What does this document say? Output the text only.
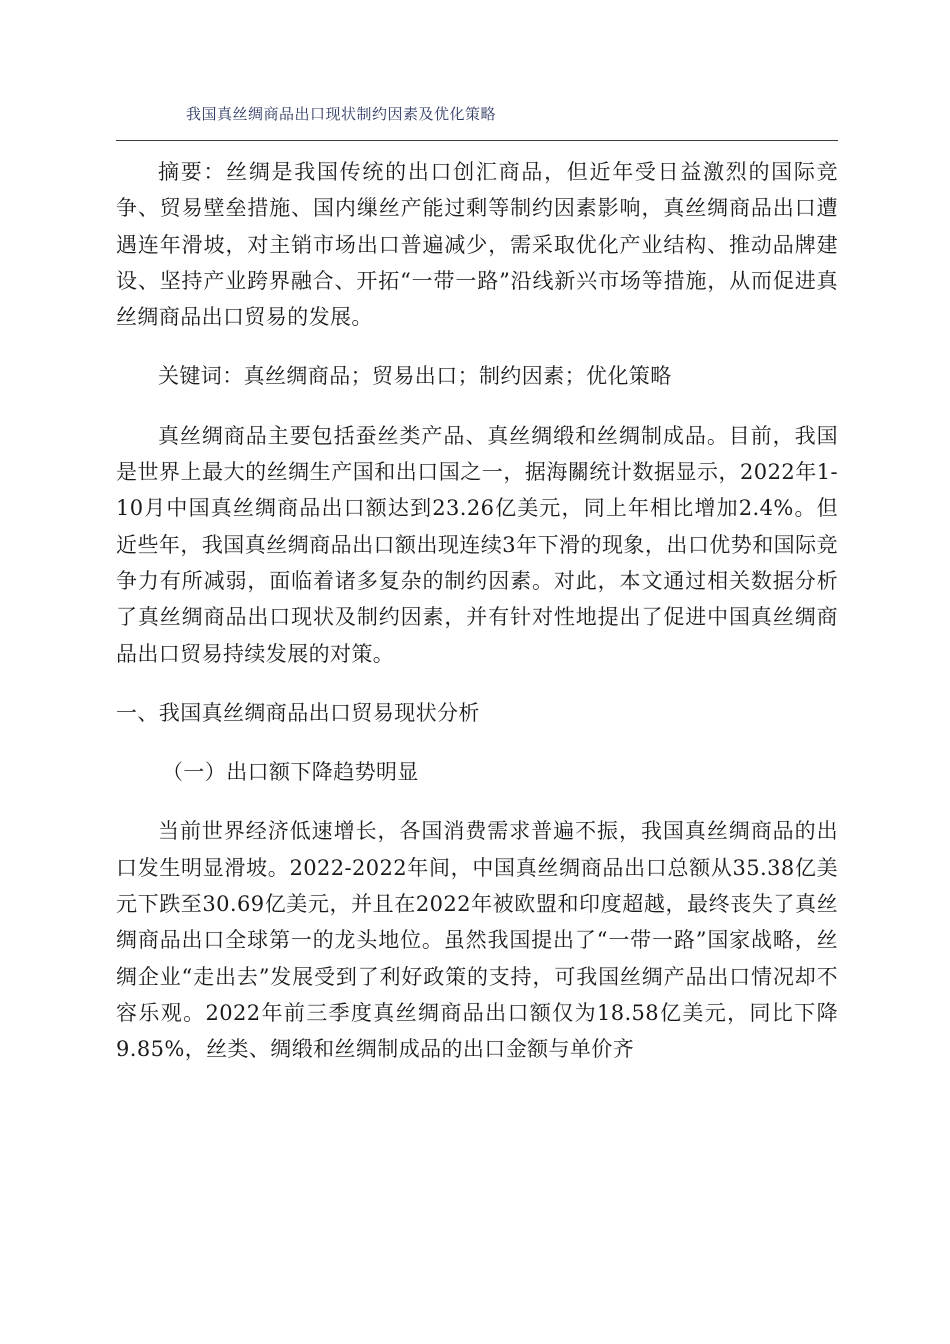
我国真丝绸商品出口现状制约因素及优化策略

摘要：丝绸是我国传统的出口创汇商品，但近年受日益激烈的国际竞争、贸易壁垒措施、国内缫丝产能过剩等制约因素影响，真丝绸商品出口遭遇连年滑坡，对主销市场出口普遍减少，需采取优化产业结构、推动品牌建设、坚持产业跨界融合、开拓“一带一路”沿线新兴市场等措施，从而促进真丝绸商品出口贸易的发展。

关键词：真丝绸商品；贸易出口；制约因素；优化策略

真丝绸商品主要包括蚕丝类产品、真丝绸缎和丝绸制成品。目前，我国是世界上最大的丝绸生产国和出口国之一，据海關统计数据显示，2022年1-10月中国真丝绸商品出口额达到23.26亿美元，同上年相比增加2.4%。但近些年，我国真丝绸商品出口额出现连续3年下滑的现象，出口优势和国际竞争力有所减弱，面临着诸多复杂的制约因素。对此，本文通过相关数据分析了真丝绸商品出口现状及制约因素，并有针对性地提出了促进中国真丝绸商品出口贸易持续发展的对策。

一、我国真丝绸商品出口贸易现状分析

（一）出口额下降趋势明显

当前世界经济低速增长，各国消费需求普遍不振，我国真丝绸商品的出口发生明显滑坡。2022-2022年间，中国真丝绸商品出口总额从35.38亿美元下跌至30.69亿美元，并且在2022年被欧盟和印度超越，最终丧失了真丝绸商品出口全球第一的龙头地位。虽然我国提出了“一带一路”国家战略，丝绸企业“走出去”发展受到了利好政策的支持，可我国丝绸产品出口情况却不容乐观。2022年前三季度真丝绸商品出口额仅为18.58亿美元，同比下降9.85%，丝类、绸缎和丝绸制成品的出口金额与单价齐
